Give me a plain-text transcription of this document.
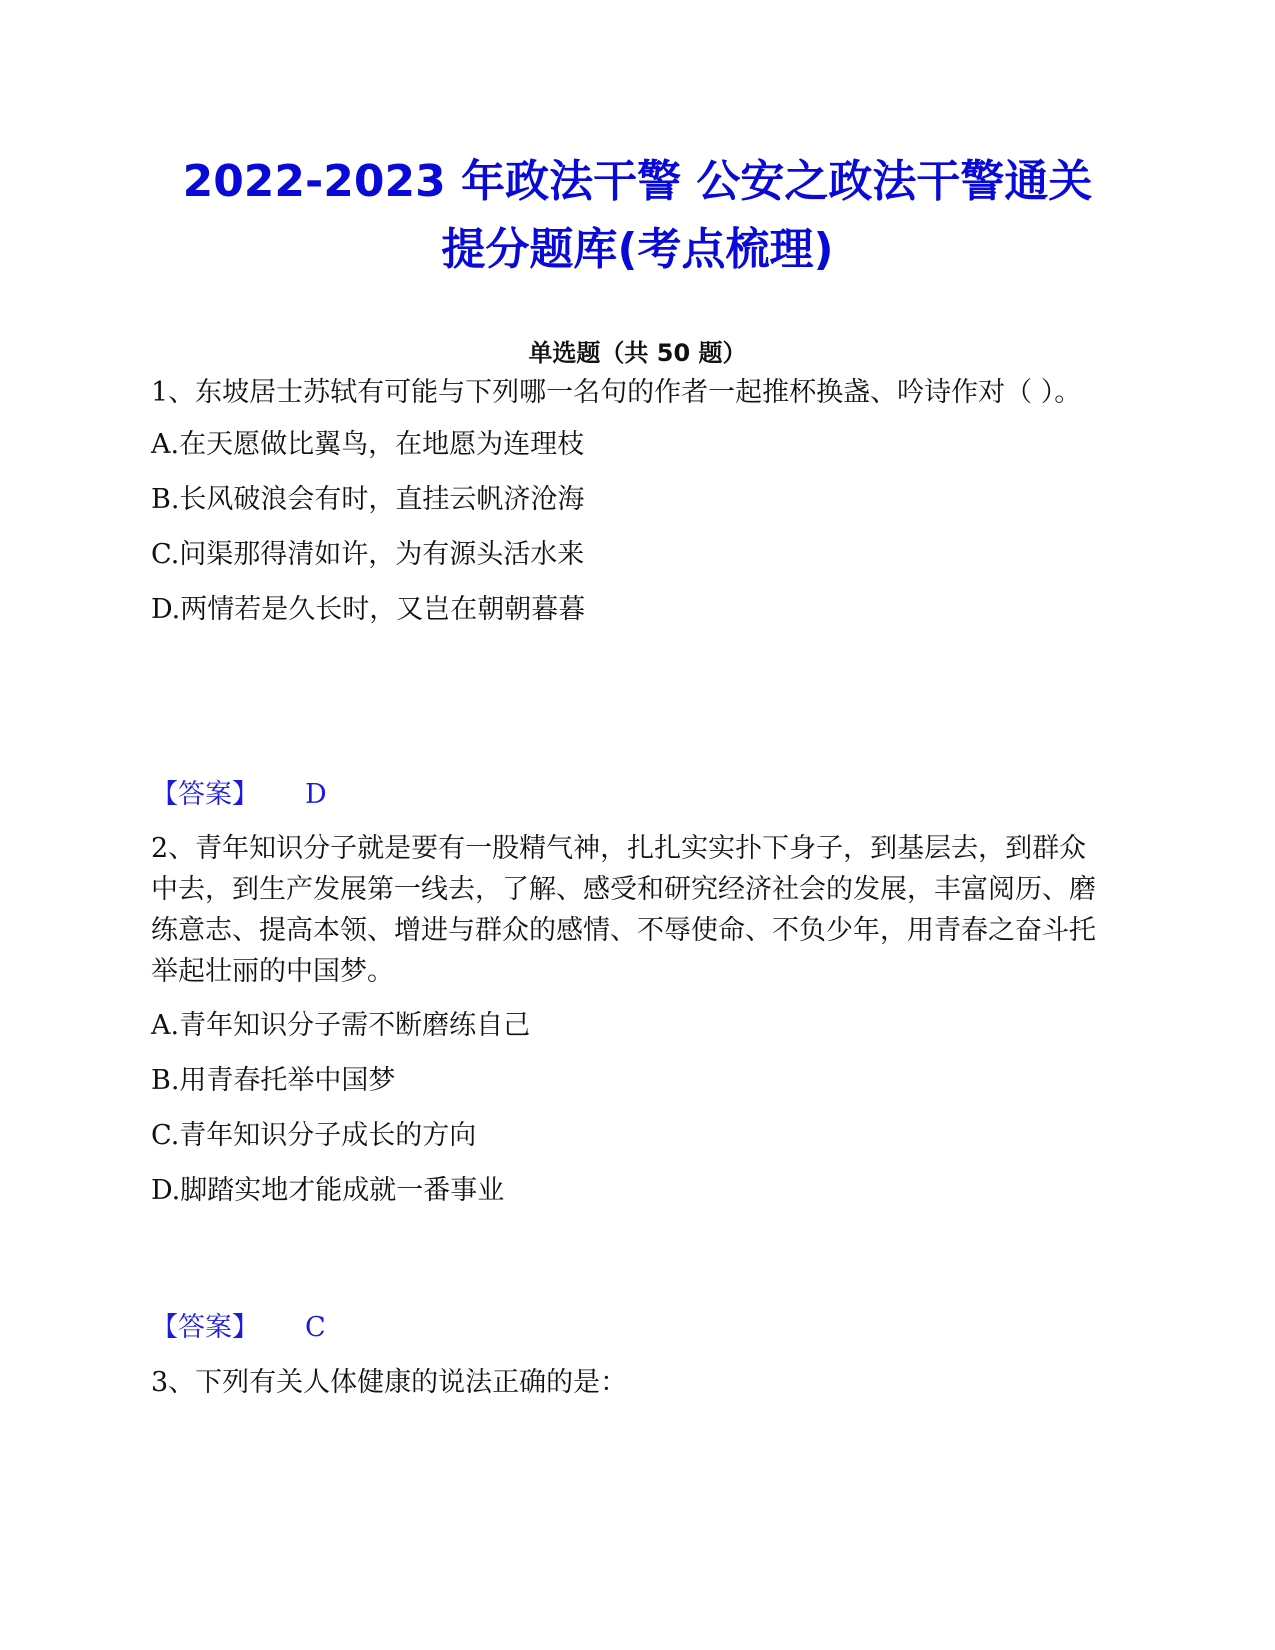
2022-2023 年政法干警 公安之政法干警通关
提分题库(考点梳理)
单选题（共 50 题）

1、东坡居士苏轼有可能与下列哪一名句的作者一起推杯换盏、吟诗作对（ ）。

A.在天愿做比翼鸟，在地愿为连理枝

B.长风破浪会有时，直挂云帆济沧海

C.问渠那得清如许，为有源头活水来

D.两情若是久长时，又岂在朝朝暮暮

【答案】 D

2、青年知识分子就是要有一股精气神，扎扎实实扑下身子，到基层去，到群众中去，到生产发展第一线去，了解、感受和研究经济社会的发展，丰富阅历、磨练意志、提高本领、增进与群众的感情、不辱使命、不负少年，用青春之奋斗托举起壮丽的中国梦。

A.青年知识分子需不断磨练自己

B.用青春托举中国梦

C.青年知识分子成长的方向

D.脚踏实地才能成就一番事业

【答案】 C

3、下列有关人体健康的说法正确的是：
